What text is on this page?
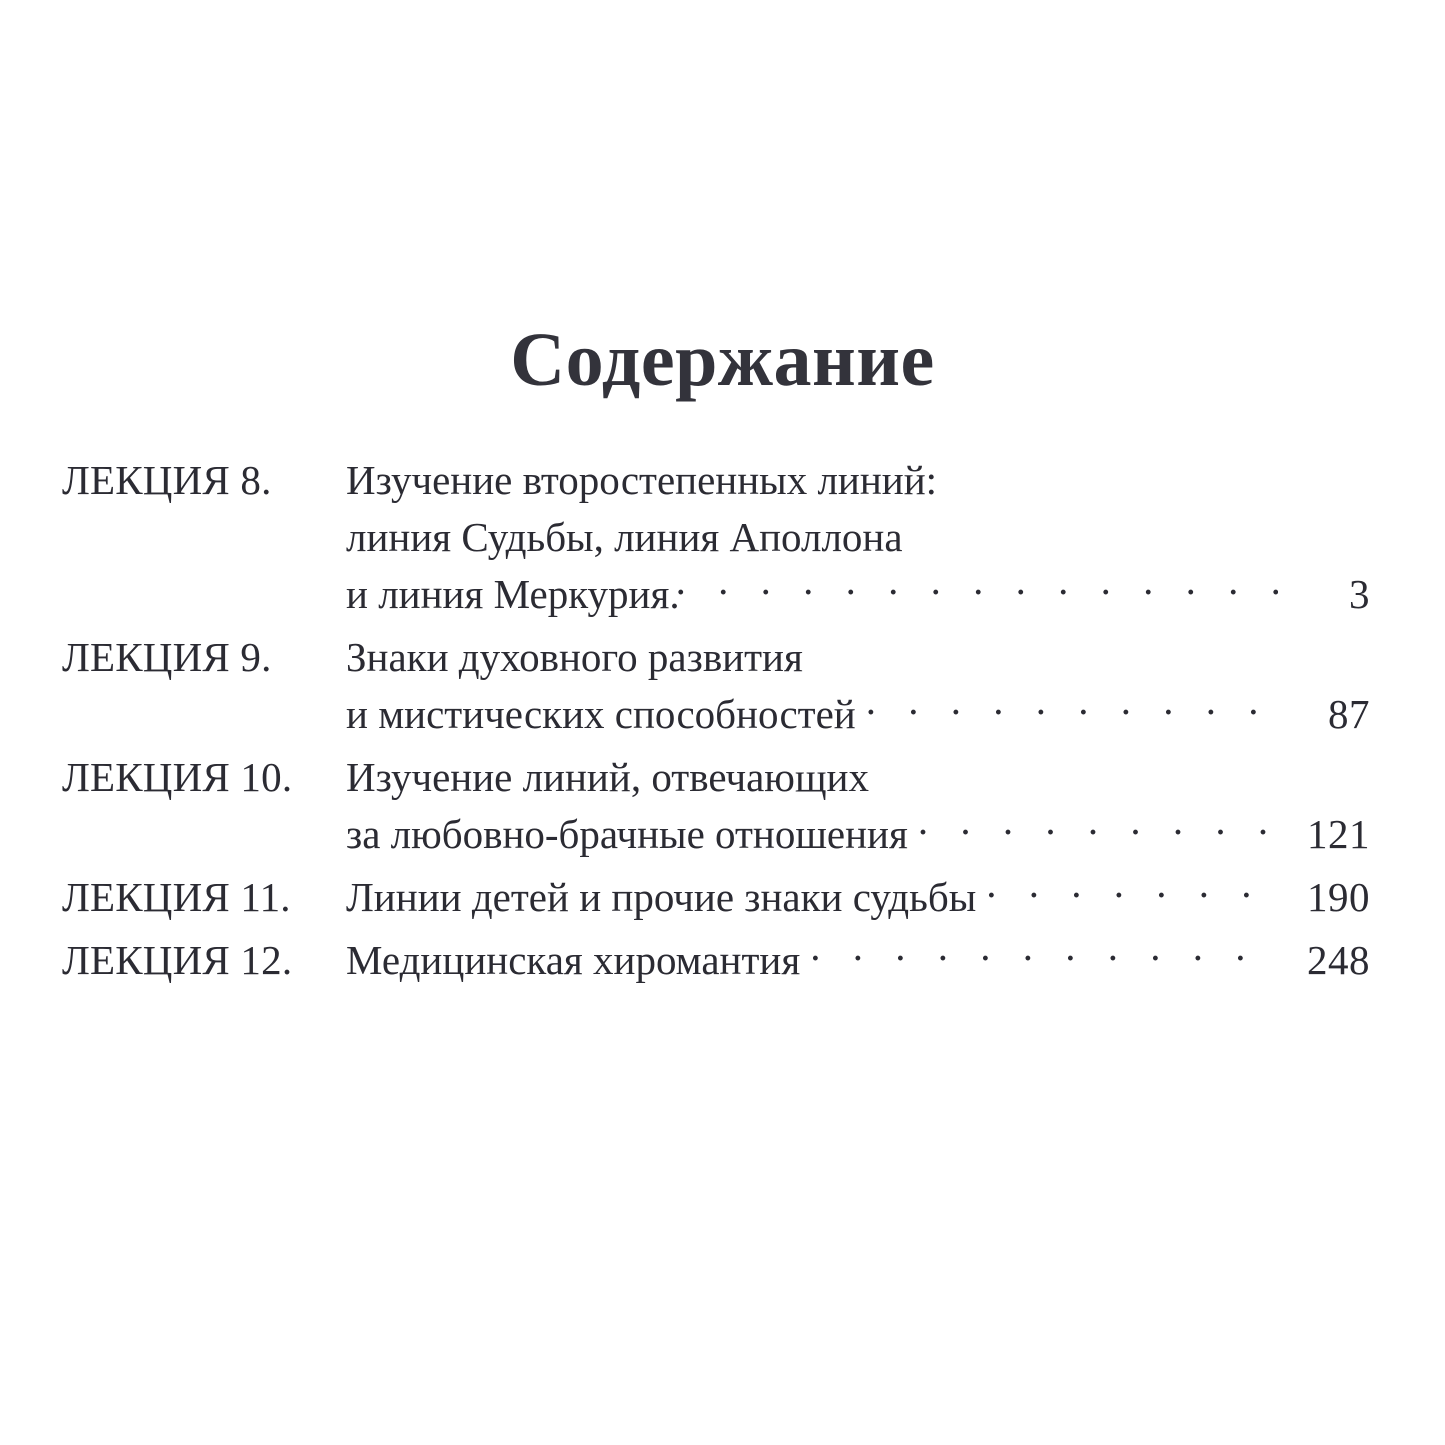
Содержание
ЛЕКЦИЯ 8.	Изучение второстепенных линий:
линия Судьбы, линия Аполлона
и линия Меркурия. . . .	3
ЛЕКЦИЯ 9.	Знаки духовного развития
и мистических способностей . . .	87
ЛЕКЦИЯ 10.	Изучение линий, отвечающих
за любовно-брачные отношения . . .	121
ЛЕКЦИЯ 11.	Линии детей и прочие знаки судьбы . . .	190
ЛЕКЦИЯ 12.	Медицинская хиромантия . . .	248
